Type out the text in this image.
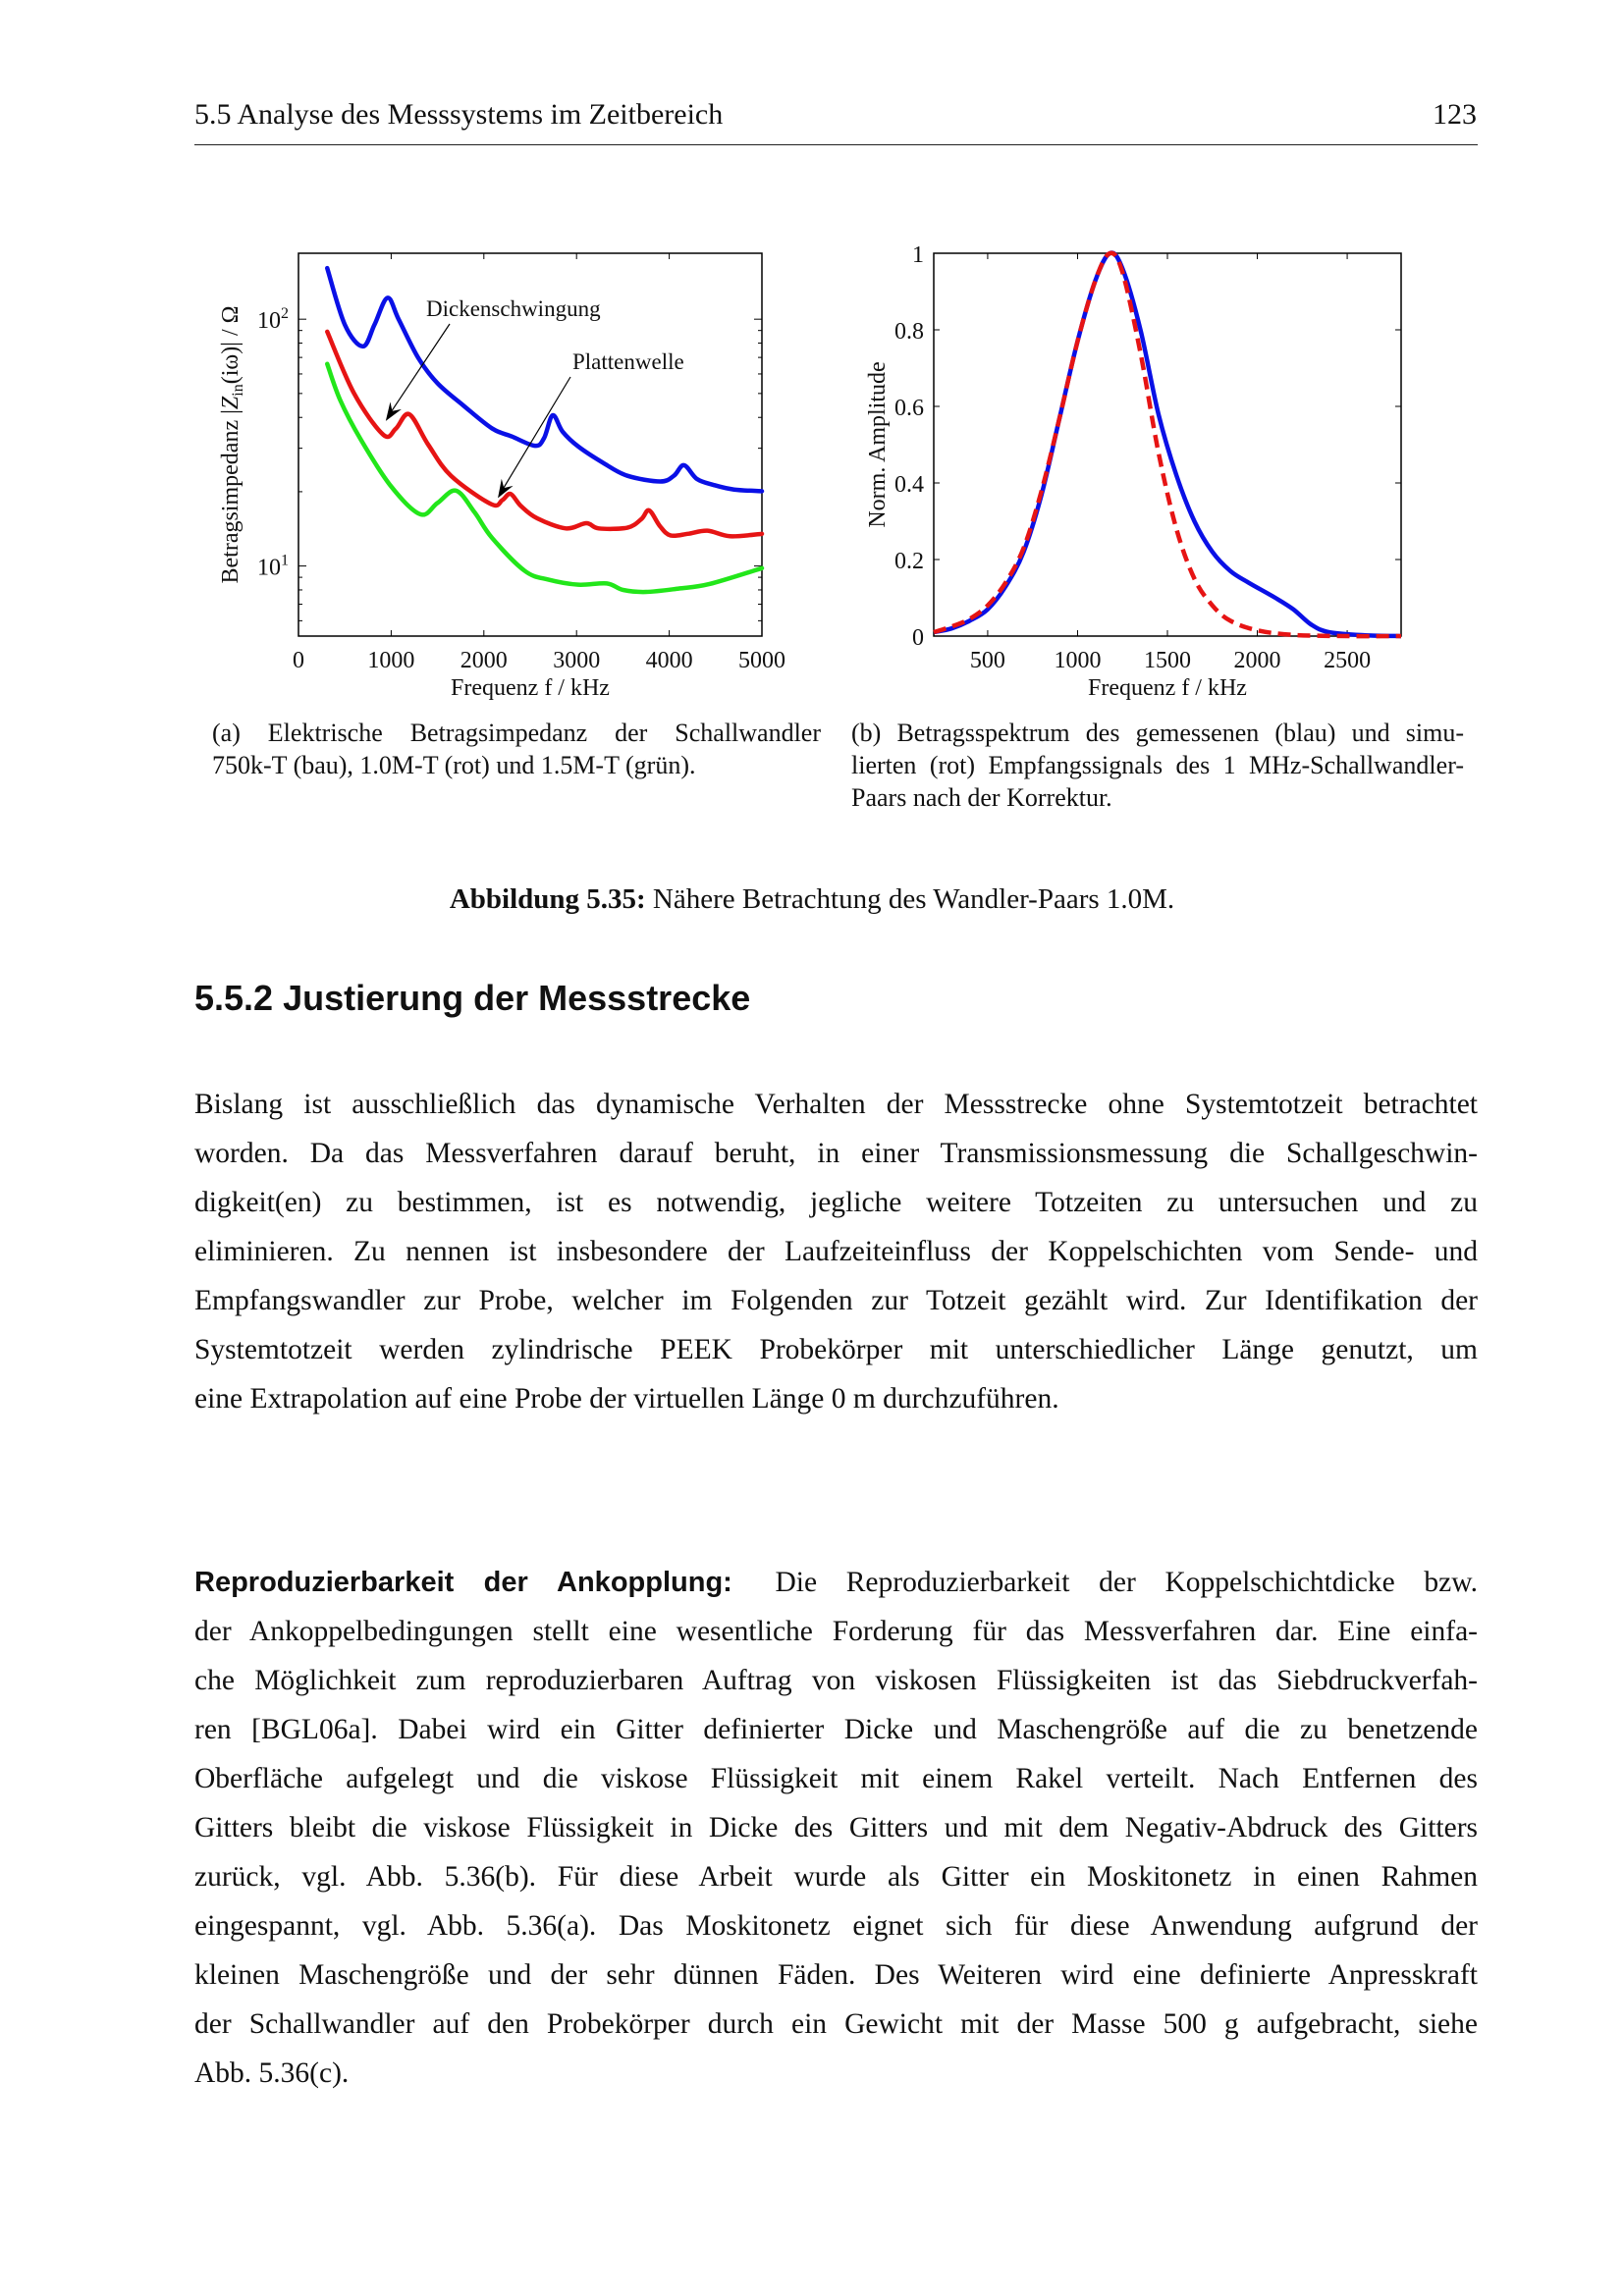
5.5 Analyse des Messsystems im Zeitbereich	123
0	1000 2000 3000 4000 5000
$10^1$
$10^2$
Frequenz f / kHz
Betragsimpedanz $|Z_{in}(i\omega)|$ / Ω	Dickenschwingung
Plattenwelle
500 1000 1500 2000 2500
0
0.2
0.4
0.6
0.8
1
Frequenz f / kHz
Norm. Amplitude
(a) Elektrische Betragsimpedanz der Schallwandler
750k-T (bau), 1.0M-T (rot) und 1.5M-T (grün).
(b) Betragsspektrum des gemessenen (blau) und simu-
lierten (rot) Empfangssignals des 1 MHz-Schallwandler-
Paars nach der Korrektur.
Abbildung 5.35: Nähere Betrachtung des Wandler-Paars 1.0M.
5.5.2 Justierung der Messstrecke
Bislang ist ausschließlich das dynamische Verhalten der Messstrecke ohne Systemtotzeit betrachtet
worden. Da das Messverfahren darauf beruht, in einer Transmissionsmessung die Schallgeschwin-
digkeit(en) zu bestimmen, ist es notwendig, jegliche weitere Totzeiten zu untersuchen und zu
eliminieren. Zu nennen ist insbesondere der Laufzeiteinfluss der Koppelschichten vom Sende- und
Empfangswandler zur Probe, welcher im Folgenden zur Totzeit gezählt wird. Zur Identifikation der
Systemtotzeit werden zylindrische PEEK Probekörper mit unterschiedlicher Länge genutzt, um
eine Extrapolation auf eine Probe der virtuellen Länge 0 m durchzuführen.
Reproduzierbarkeit der Ankopplung: Die Reproduzierbarkeit der Koppelschichtdicke bzw.
der Ankoppelbedingungen stellt eine wesentliche Forderung für das Messverfahren dar. Eine einfa-
che Möglichkeit zum reproduzierbaren Auftrag von viskosen Flüssigkeiten ist das Siebdruckverfah-
ren [BGL06a]. Dabei wird ein Gitter definierter Dicke und Maschengröße auf die zu benetzende
Oberfläche aufgelegt und die viskose Flüssigkeit mit einem Rakel verteilt. Nach Entfernen des
Gitters bleibt die viskose Flüssigkeit in Dicke des Gitters und mit dem Negativ-Abdruck des Gitters
zurück, vgl. Abb. 5.36(b). Für diese Arbeit wurde als Gitter ein Moskitonetz in einen Rahmen
eingespannt, vgl. Abb. 5.36(a). Das Moskitonetz eignet sich für diese Anwendung aufgrund der
kleinen Maschengröße und der sehr dünnen Fäden. Des Weiteren wird eine definierte Anpresskraft
der Schallwandler auf den Probekörper durch ein Gewicht mit der Masse 500 g aufgebracht, siehe
Abb. 5.36(c).
